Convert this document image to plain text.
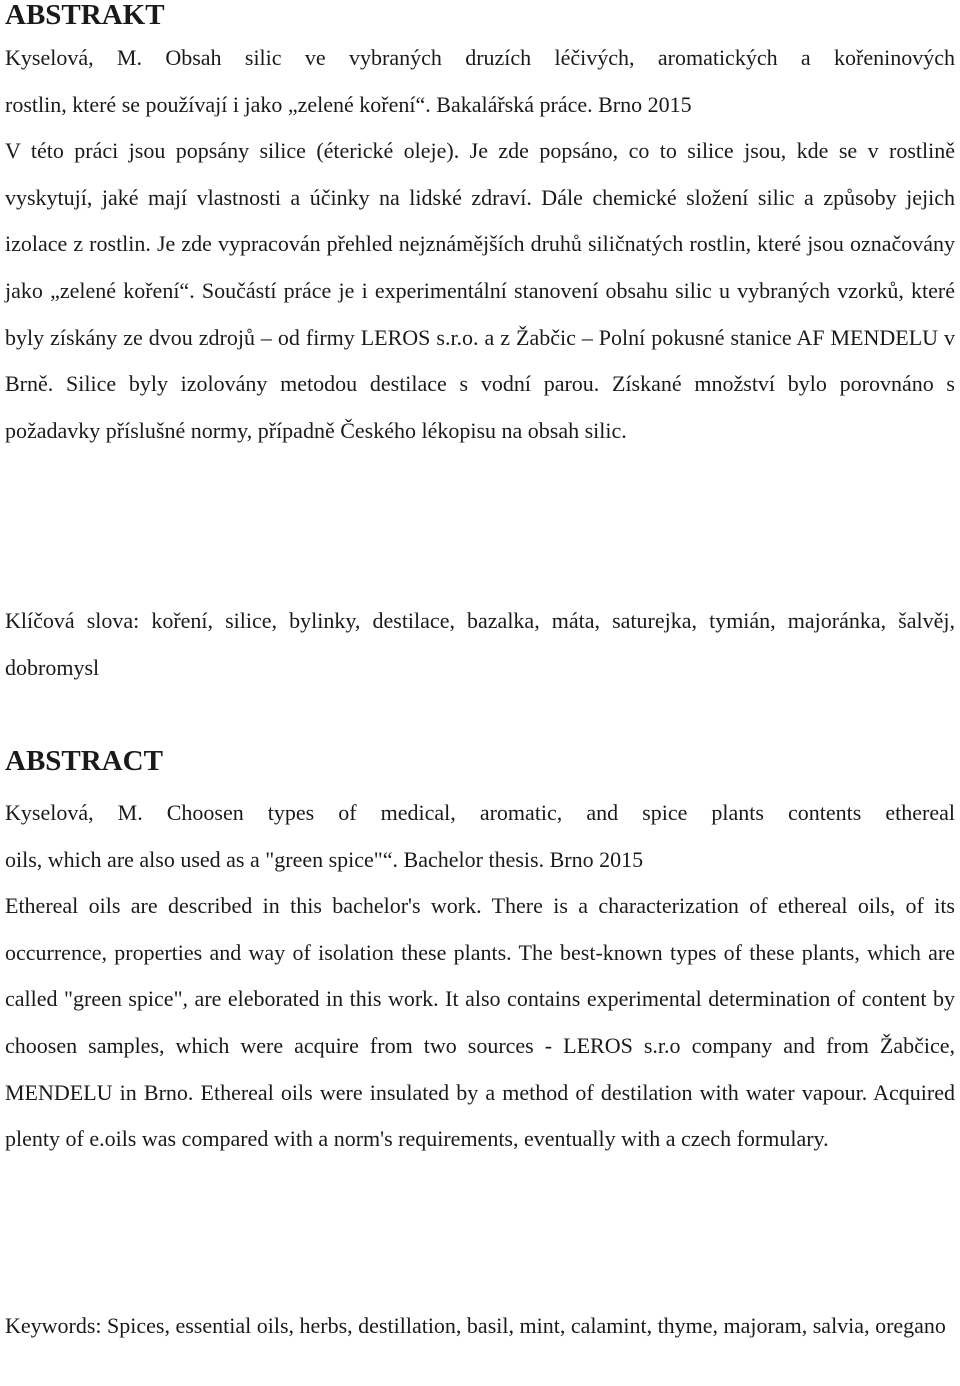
ABSTRAKT

Kyselová, M. Obsah silic ve vybraných druzích léčivých, aromatických a kořeninových

rostlin, které se používají i jako „zelené koření“. Bakalářská práce. Brno 2015

V této práci jsou popsány silice (éterické oleje). Je zde popsáno, co to silice jsou, kde se v rostlině vyskytují, jaké mají vlastnosti a účinky na lidské zdraví. Dále chemické složení silic a způsoby jejich izolace z rostlin. Je zde vypracován přehled nejznámějších druhů siličnatých rostlin, které jsou označovány jako „zelené koření“. Součástí práce je i experimentální stanovení obsahu silic u vybraných vzorků, které byly získány ze dvou zdrojů – od firmy LEROS s.r.o. a z Žabčic – Polní pokusné stanice AF MENDELU v Brně. Silice byly izolovány metodou destilace s vodní parou. Získané množství bylo porovnáno s požadavky příslušné normy, případně Českého lékopisu na obsah silic.

Klíčová slova: koření, silice, bylinky, destilace, bazalka, máta, saturejka, tymián, majoránka, šalvěj, dobromysl

ABSTRACT

Kyselová, M. Choosen types of medical, aromatic, and spice plants contents ethereal

oils, which are also used as a "green spice"“. Bachelor thesis. Brno 2015

Ethereal oils are described in this bachelor's work. There is a characterization of ethereal oils, of its occurrence, properties and way of isolation these plants. The best-known types of these plants, which are called "green spice", are eleborated in this work. It also contains experimental determination of content by choosen samples, which were acquire from two sources - LEROS s.r.o company and from Žabčice, MENDELU in Brno. Ethereal oils were insulated by a method of destilation with water vapour. Acquired plenty of e.oils was compared with a norm's requirements, eventually with a czech formulary.

Keywords: Spices, essential oils, herbs, destillation, basil, mint, calamint, thyme, majoram, salvia, oregano
